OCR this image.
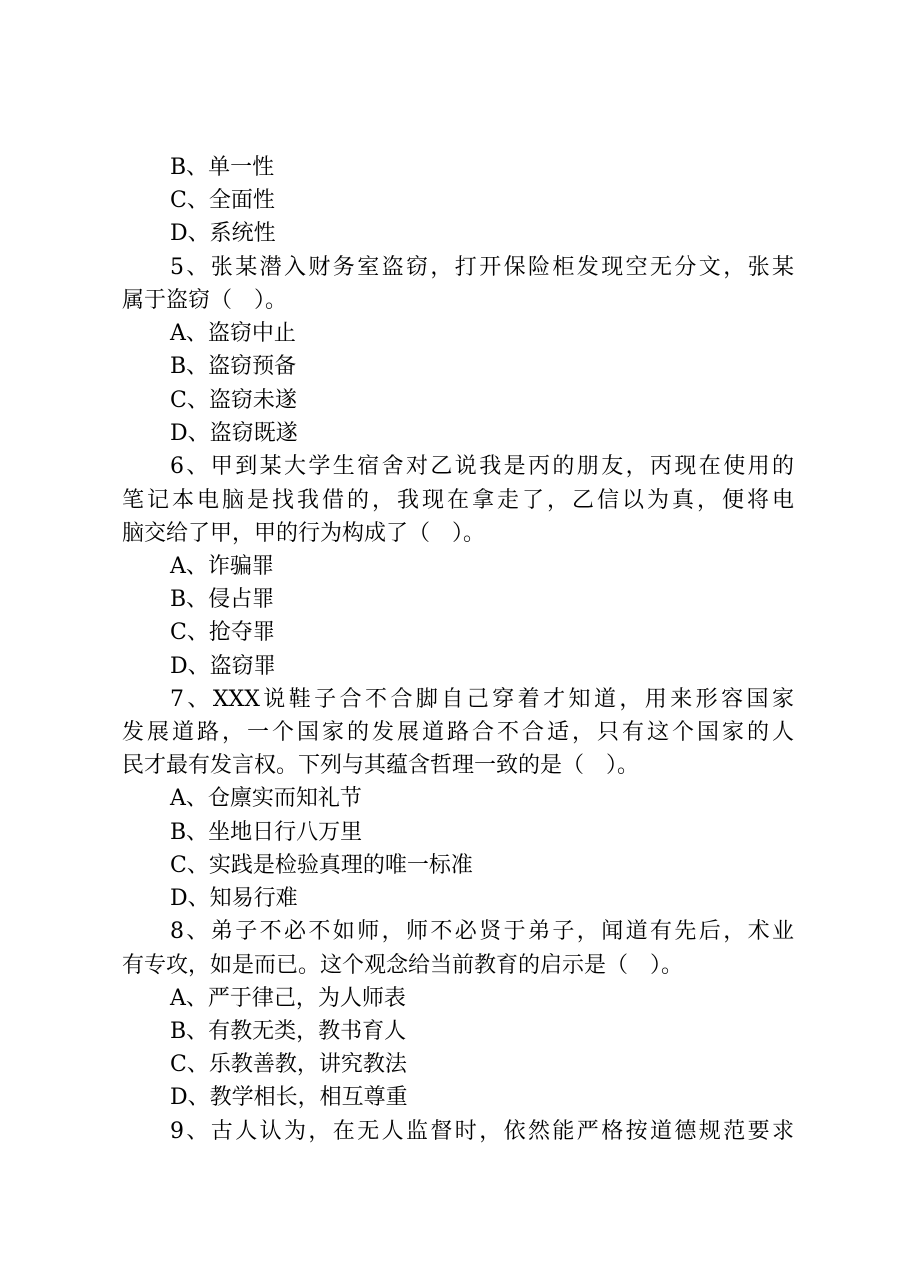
B、单一性
C、全面性
D、系统性
5、张某潜入财务室盗窃，打开保险柜发现空无分文，张某
属于盗窃（　）。
A、盗窃中止
B、盗窃预备
C、盗窃未遂
D、盗窃既遂
6、甲到某大学生宿舍对乙说我是丙的朋友，丙现在使用的
笔记本电脑是找我借的，我现在拿走了，乙信以为真，便将电
脑交给了甲，甲的行为构成了（　）。
A、诈骗罪
B、侵占罪
C、抢夺罪
D、盗窃罪
7、XXX说鞋子合不合脚自己穿着才知道，用来形容国家
发展道路，一个国家的发展道路合不合适，只有这个国家的人
民才最有发言权。下列与其蕴含哲理一致的是（　）。
A、仓廪实而知礼节
B、坐地日行八万里
C、实践是检验真理的唯一标准
D、知易行难
8、弟子不必不如师，师不必贤于弟子，闻道有先后，术业
有专攻，如是而已。这个观念给当前教育的启示是（　）。
A、严于律己，为人师表
B、有教无类，教书育人
C、乐教善教，讲究教法
D、教学相长，相互尊重
9、古人认为，在无人监督时，依然能严格按道德规范要求
